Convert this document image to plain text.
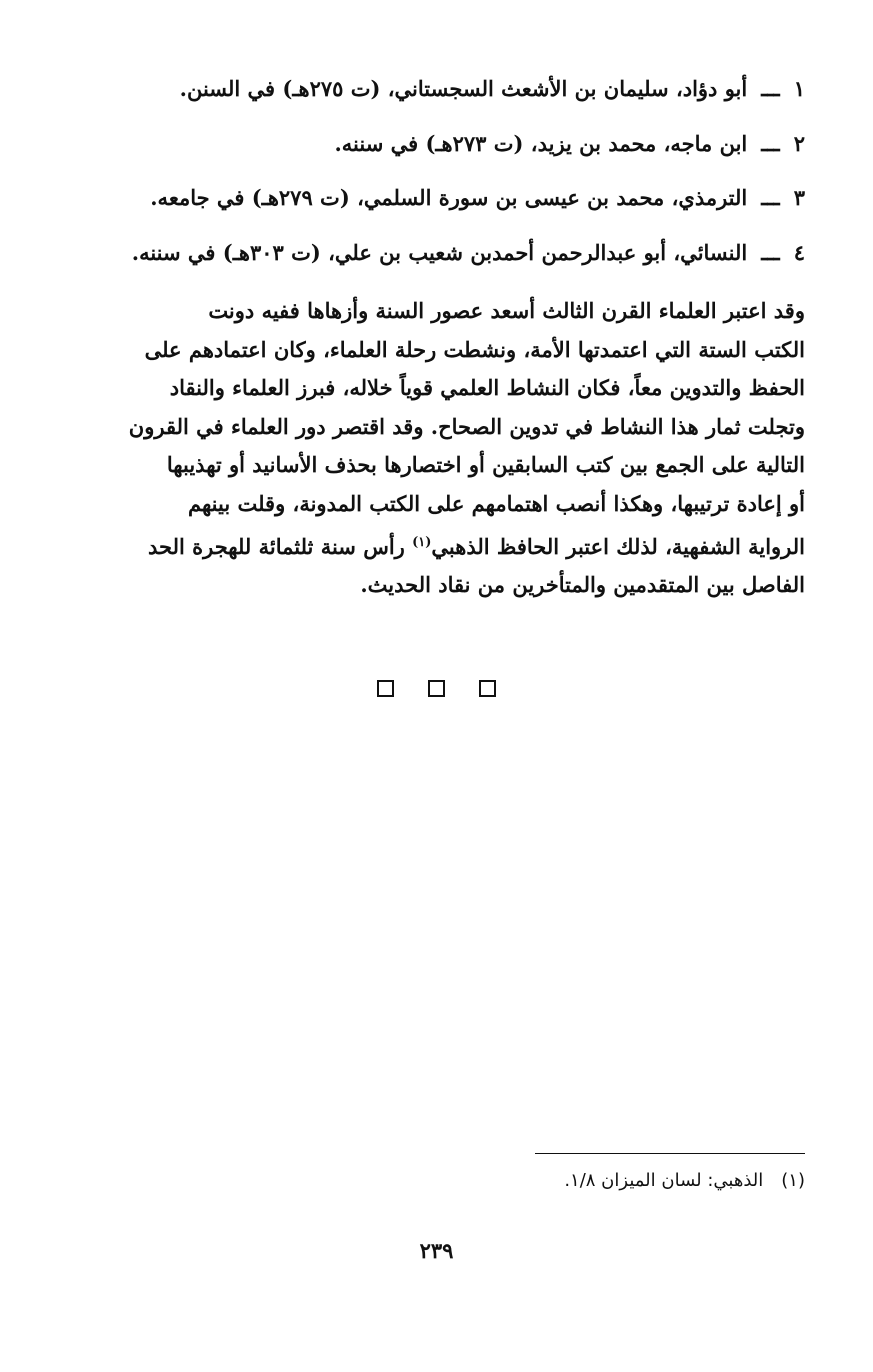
١ـــأبو دؤاد، سليمان بن الأشعث السجستاني، (ت ٢٧٥هـ) في السنن.
٢ـــابن ماجه، محمد بن يزيد، (ت ٢٧٣هـ) في سننه.
٣ـــالترمذي، محمد بن عيسى بن سورة السلمي، (ت ٢٧٩هـ) في جامعه.
٤ـــالنسائي، أبو عبدالرحمن أحمدبن شعيب بن علي، (ت ٣٠٣هـ) في سننه.
وقد اعتبر العلماء القرن الثالث أسعد عصور السنة وأزهاها ففيه دونت
الكتب الستة التي اعتمدتها الأمة، ونشطت رحلة العلماء، وكان اعتمادهم على
الحفظ والتدوين معاً، فكان النشاط العلمي قوياً خلاله، فبرز العلماء والنقاد
وتجلت ثمار هذا النشاط في تدوين الصحاح. وقد اقتصر دور العلماء في القرون
التالية على الجمع بين كتب السابقين أو اختصارها بحذف الأسانيد أو تهذيبها
أو إعادة ترتيبها، وهكذا أنصب اهتمامهم على الكتب المدونة، وقلت بينهم
الرواية الشفهية، لذلك اعتبر الحافظ الذهبي$^{(١)}$ رأس سنة ثلثمائة للهجرة الحد
الفاصل بين المتقدمين والمتأخرين من نقاد الحديث.
(١)الذهبي: لسان الميزان ١/٨.
٢٣٩
